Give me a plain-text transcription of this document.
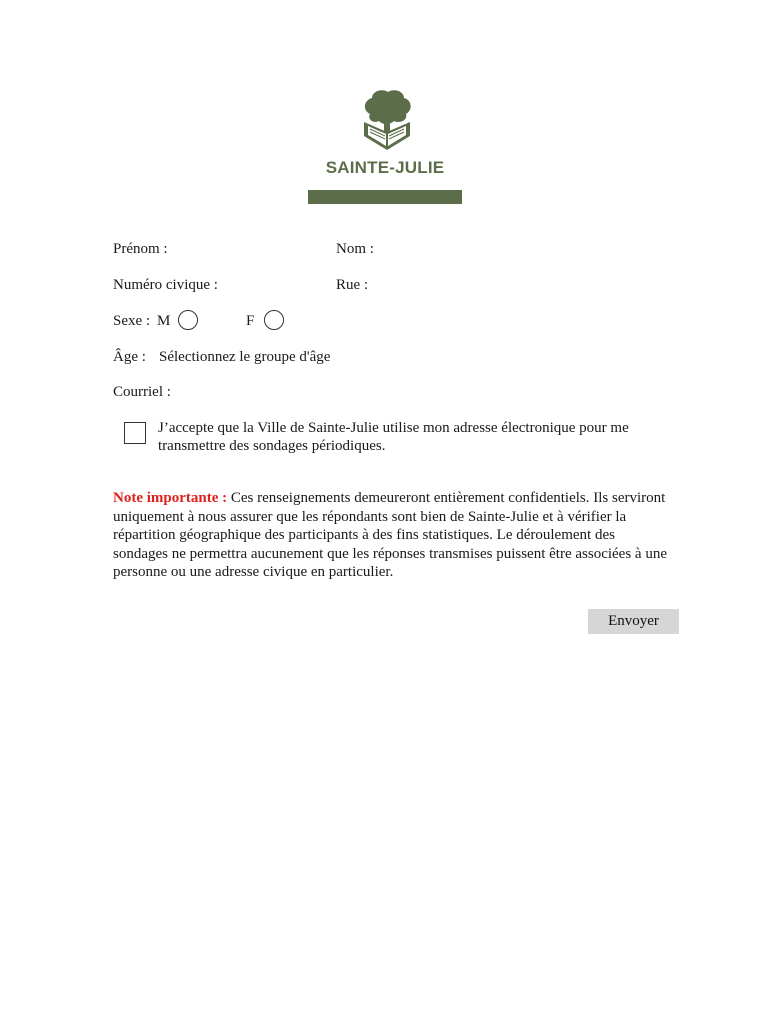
SAINTE-JULIE
Prénom :	Nom :
Numéro civique :	Rue :
Sexe : M	F
Âge : Sélectionnez le groupe d'âge
Courriel :
J’accepte que la Ville de Sainte-Julie utilise mon adresse électronique pour me transmettre des sondages périodiques.
Note importante : Ces renseignements demeureront entièrement confidentiels. Ils serviront uniquement à nous assurer que les répondants sont bien de Sainte-Julie et à vérifier la répartition géographique des participants à des fins statistiques. Le déroulement des sondages ne permettra aucunement que les réponses transmises puissent être associées à une personne ou une adresse civique en particulier.
Envoyer
